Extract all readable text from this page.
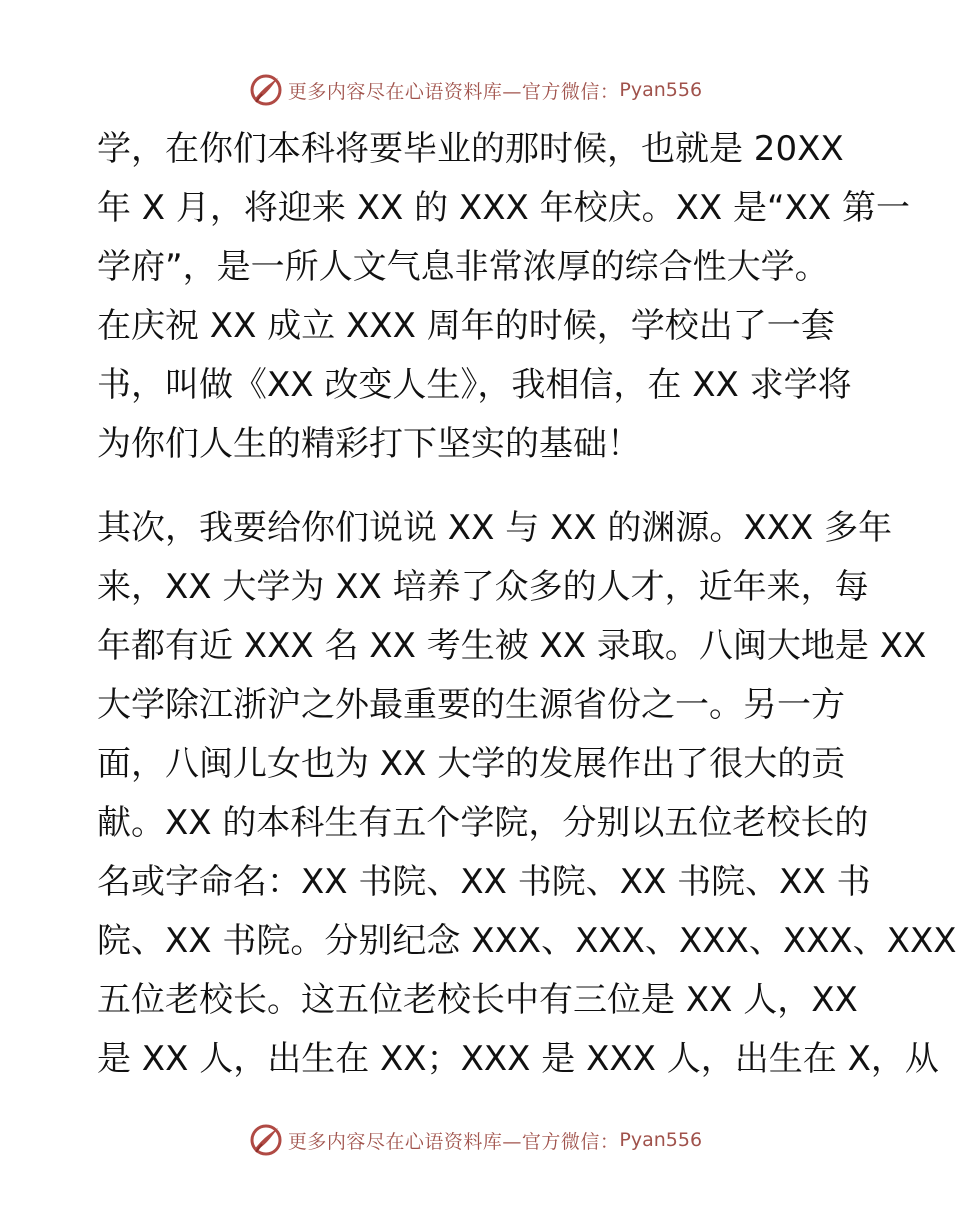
更多内容尽在心语资料库—官方微信： Pyan556
学，在你们本科将要毕业的那时候，也就是 20XX
年 X 月，将迎来 XX 的 XXX 年校庆。XX 是“XX 第一
学府”，是一所人文气息非常浓厚的综合性大学。
在庆祝 XX 成立 XXX 周年的时候，学校出了一套
书，叫做《XX 改变人生》，我相信，在 XX 求学将
为你们人生的精彩打下坚实的基础！
其次，我要给你们说说 XX 与 XX 的渊源。XXX 多年
来，XX 大学为 XX 培养了众多的人才，近年来，每
年都有近 XXX 名 XX 考生被 XX 录取。八闽大地是 XX
大学除江浙沪之外最重要的生源省份之一。另一方
面，八闽儿女也为 XX 大学的发展作出了很大的贡
献。XX 的本科生有五个学院，分别以五位老校长的
名或字命名：XX 书院、XX 书院、XX 书院、XX 书
院、XX 书院。分别纪念 XXX、XXX、XXX、XXX、XXX
五位老校长。这五位老校长中有三位是 XX 人，XX
是 XX 人，出生在 XX；XXX 是 XXX 人，出生在 X，从
更多内容尽在心语资料库—官方微信： Pyan556
